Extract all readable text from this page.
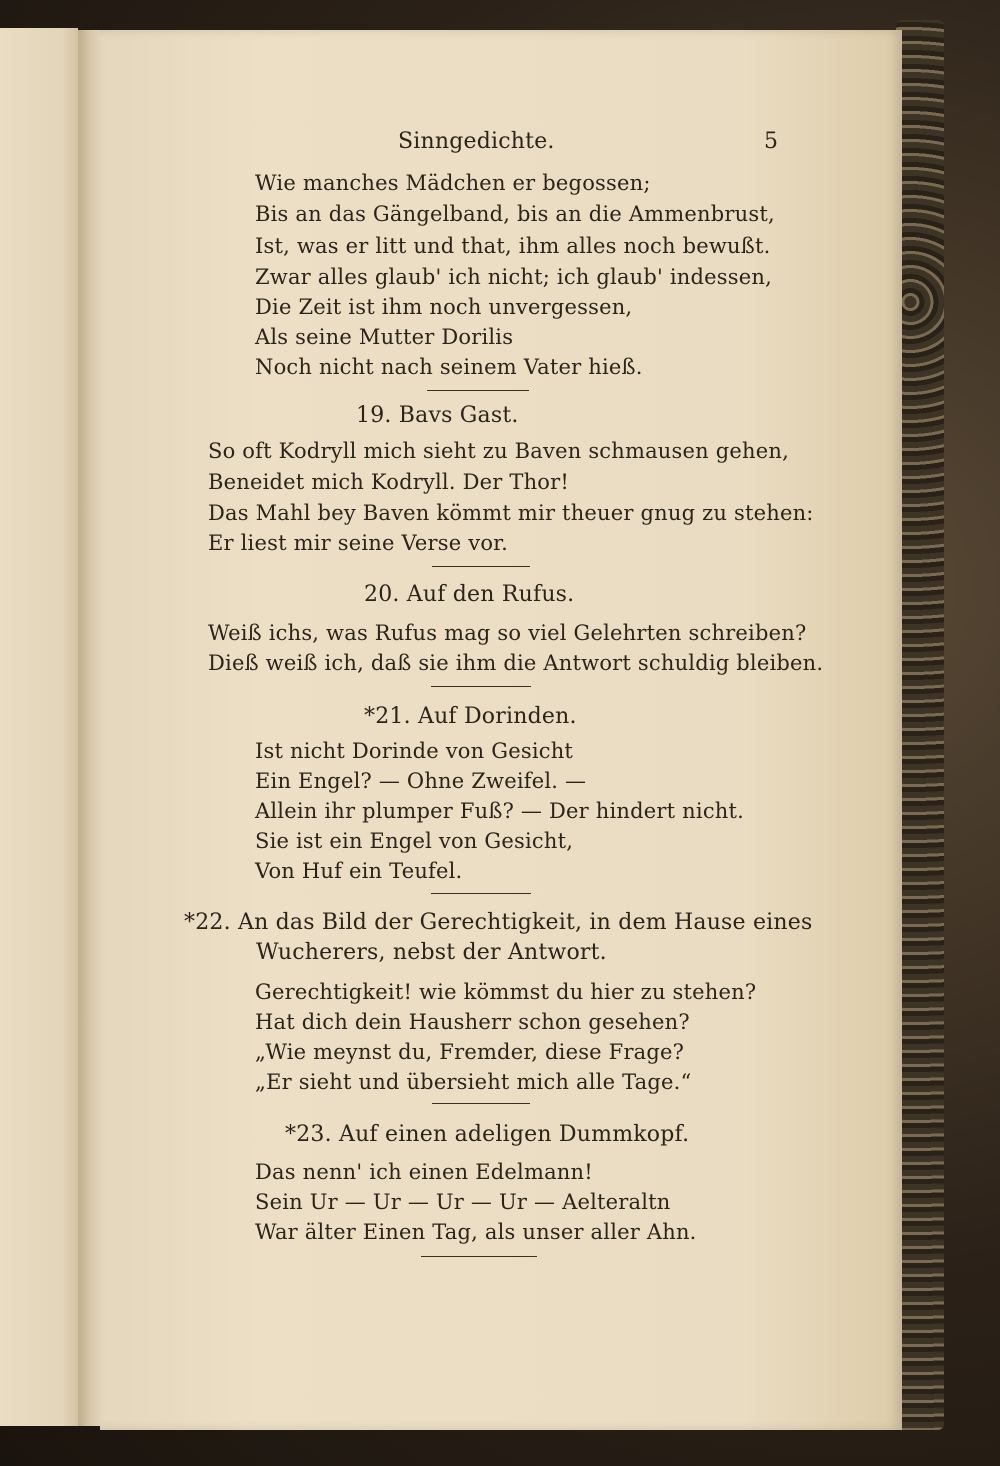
Sinngedichte.	5
Wie manches Mädchen er begossen;
Bis an das Gängelband, bis an die Ammenbrust,
Ist, was er litt und that, ihm alles noch bewußt.
Zwar alles glaub' ich nicht; ich glaub' indessen,
Die Zeit ist ihm noch unvergessen,
Als seine Mutter Dorilis
Noch nicht nach seinem Vater hieß.
19. Bavs Gast.
So oft Kodryll mich sieht zu Baven schmausen gehen,
Beneidet mich Kodryll. Der Thor!
Das Mahl bey Baven kömmt mir theuer gnug zu stehen:
Er liest mir seine Verse vor.
20. Auf den Rufus.
Weiß ichs, was Rufus mag so viel Gelehrten schreiben?
Dieß weiß ich, daß sie ihm die Antwort schuldig bleiben.
*21. Auf Dorinden.
Ist nicht Dorinde von Gesicht
Ein Engel? — Ohne Zweifel. —
Allein ihr plumper Fuß? — Der hindert nicht.
Sie ist ein Engel von Gesicht,
Von Huf ein Teufel.
*22. An das Bild der Gerechtigkeit, in dem Hause eines
Wucherers, nebst der Antwort.
Gerechtigkeit! wie kömmst du hier zu stehen?
Hat dich dein Hausherr schon gesehen?
„Wie meynst du, Fremder, diese Frage?
„Er sieht und übersieht mich alle Tage.“
*23. Auf einen adeligen Dummkopf.
Das nenn' ich einen Edelmann!
Sein Ur — Ur — Ur — Ur — Aelteraltn
War älter Einen Tag, als unser aller Ahn.
